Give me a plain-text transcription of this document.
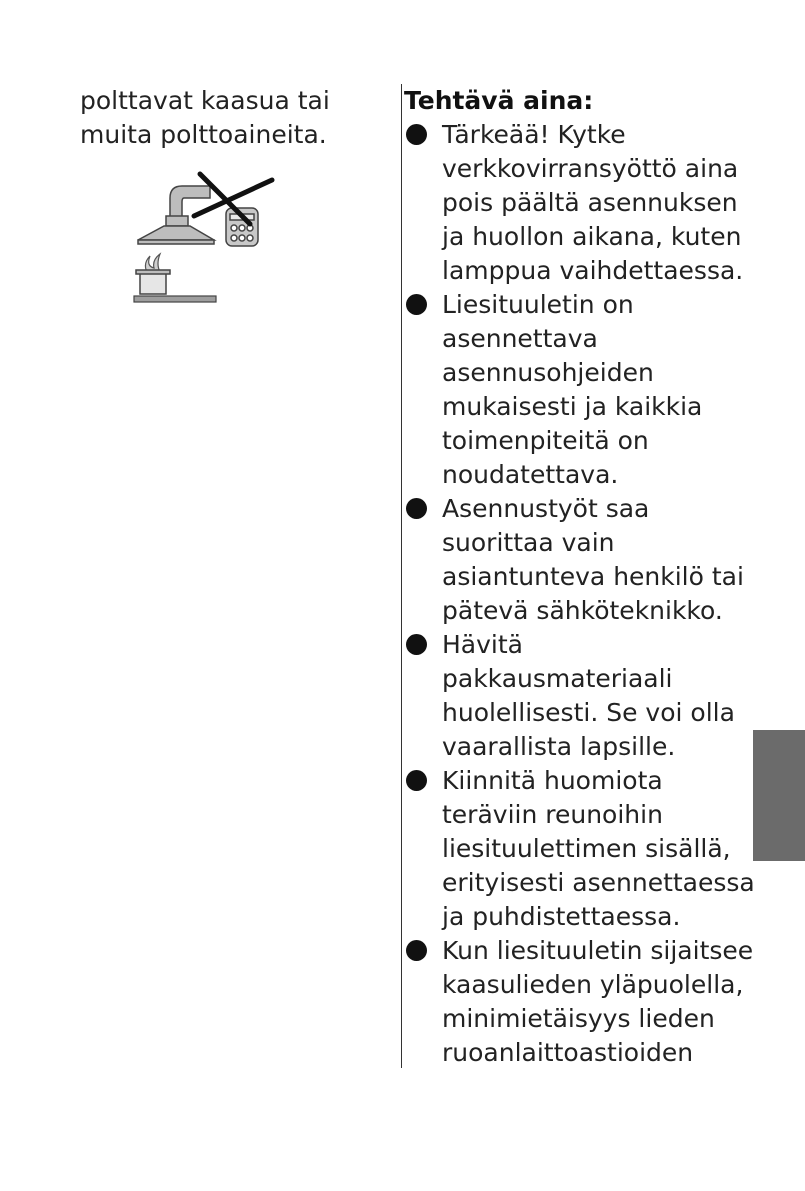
polttavat kaasua tai

muita polttoaineita.

Tehtävä aina:

Tärkeää! Kytke
verkkovirransyöttö aina
pois päältä asennuksen
ja huollon aikana, kuten
lamppua vaihdettaessa.
Liesituuletin on
asennettava
asennusohjeiden
mukaisesti ja kaikkia
toimenpiteitä on
noudatettava.
Asennustyöt saa
suorittaa vain
asiantunteva henkilö tai
pätevä sähköteknikko.
Hävitä
pakkausmateriaali
huolellisesti. Se voi olla
vaarallista lapsille.
Kiinnitä huomiota
teräviin reunoihin
liesituulettimen sisällä,
erityisesti asennettaessa
ja puhdistettaessa.
Kun liesituuletin sijaitsee
kaasulieden yläpuolella,
minimietäisyys lieden
ruoanlaittoastioiden
